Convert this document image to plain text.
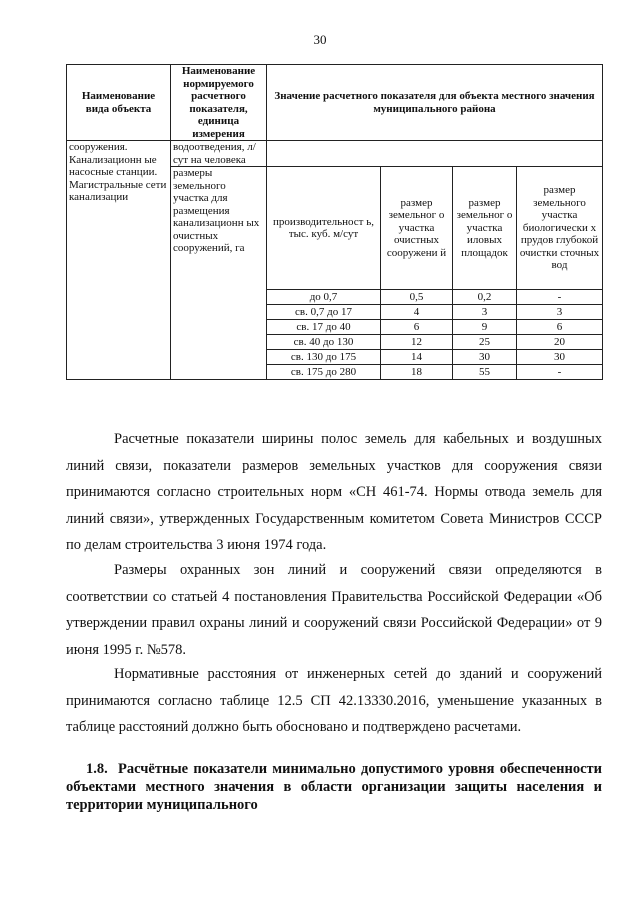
30
Наименование вида объекта	Наименование нормируемого расчетного показателя, единица измерения	Значение расчетного показателя для объекта местного значения муниципального района			
сооружения. Канализационн ые насосные станции. Магистральные сети канализации	водоотведения, л/ сут на человека				
	размеры земельного участка для размещения канализационн ых очистных сооружений, га	производительност ь, тыс. куб. м/сут	размер земельног о участка очистных сооружени й	размер земельног о участка иловых площадок	размер земельного участка биологически х прудов глубокой очистки сточных вод
		до 0,7	0,5	0,2	-
		св. 0,7 до 17	4	3	3
		св. 17 до 40	6	9	6
		св. 40 до 130	12	25	20
		св. 130 до 175	14	30	30
		св. 175 до 280	18	55	-
Расчетные показатели ширины полос земель для кабельных и воздушных линий связи, показатели размеров земельных участков для сооружения связи принимаются согласно строительных норм «СН 461-74. Нормы отвода земель для линий связи», утвержденных Государственным комитетом Совета Министров СССР по делам строительства 3 июня 1974 года.
Размеры охранных зон линий и сооружений связи определяются в соответствии со статьей 4 постановления Правительства Российской Федерации «Об утверждении правил охраны линий и сооружений связи Российской Федерации» от 9 июня 1995 г. №578.
Нормативные расстояния от инженерных сетей до зданий и сооружений принимаются согласно таблице 12.5 СП 42.13330.2016, уменьшение указанных в таблице расстояний должно быть обосновано и подтверждено расчетами.
1.8. Расчётные показатели минимально допустимого уровня обеспеченности объектами местного значения в области организации защиты населения и территории муниципального
